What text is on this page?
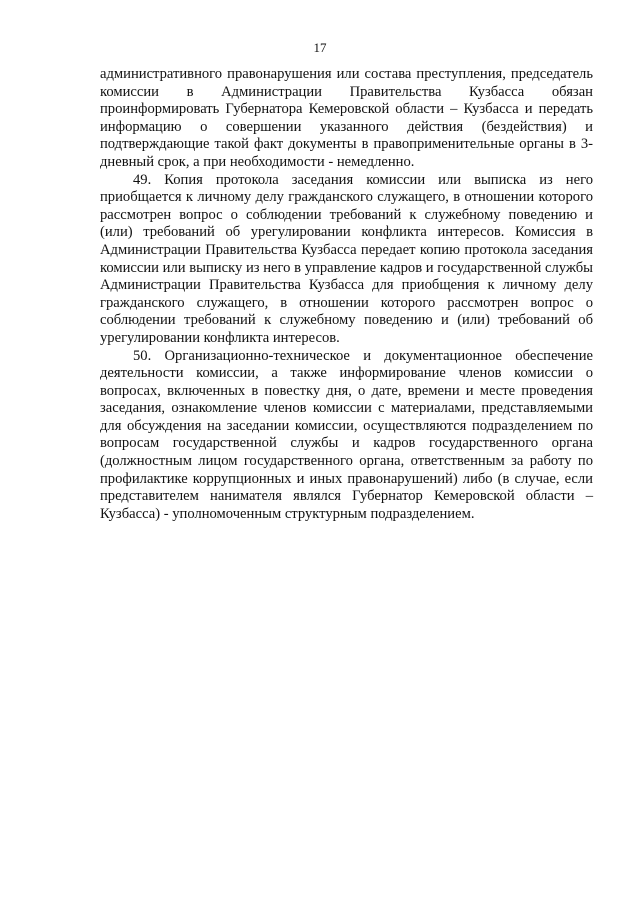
17

административного правонарушения или состава преступления, председатель комиссии в Администрации Правительства Кузбасса обязан проинформировать Губернатора Кемеровской области – Кузбасса и передать информацию о совершении указанного действия (бездействия) и подтверждающие такой факт документы в правоприменительные органы в 3-дневный срок, а при необходимости - немедленно.

49. Копия протокола заседания комиссии или выписка из него приобщается к личному делу гражданского служащего, в отношении которого рассмотрен вопрос о соблюдении требований к служебному поведению и (или) требований об урегулировании конфликта интересов. Комиссия в Администрации Правительства Кузбасса передает копию протокола заседания комиссии или выписку из него в управление кадров и государственной службы Администрации Правительства Кузбасса для приобщения к личному делу гражданского служащего, в отношении которого рассмотрен вопрос о соблюдении требований к служебному поведению и (или) требований об урегулировании конфликта интересов.

50. Организационно-техническое и документационное обеспечение деятельности комиссии, а также информирование членов комиссии о вопросах, включенных в повестку дня, о дате, времени и месте проведения заседания, ознакомление членов комиссии с материалами, представляемыми для обсуждения на заседании комиссии, осуществляются подразделением по вопросам государственной службы и кадров государственного органа (должностным лицом государственного органа, ответственным за работу по профилактике коррупционных и иных правонарушений) либо (в случае, если представителем нанимателя являлся Губернатор Кемеровской области – Кузбасса) - уполномоченным структурным подразделением.
